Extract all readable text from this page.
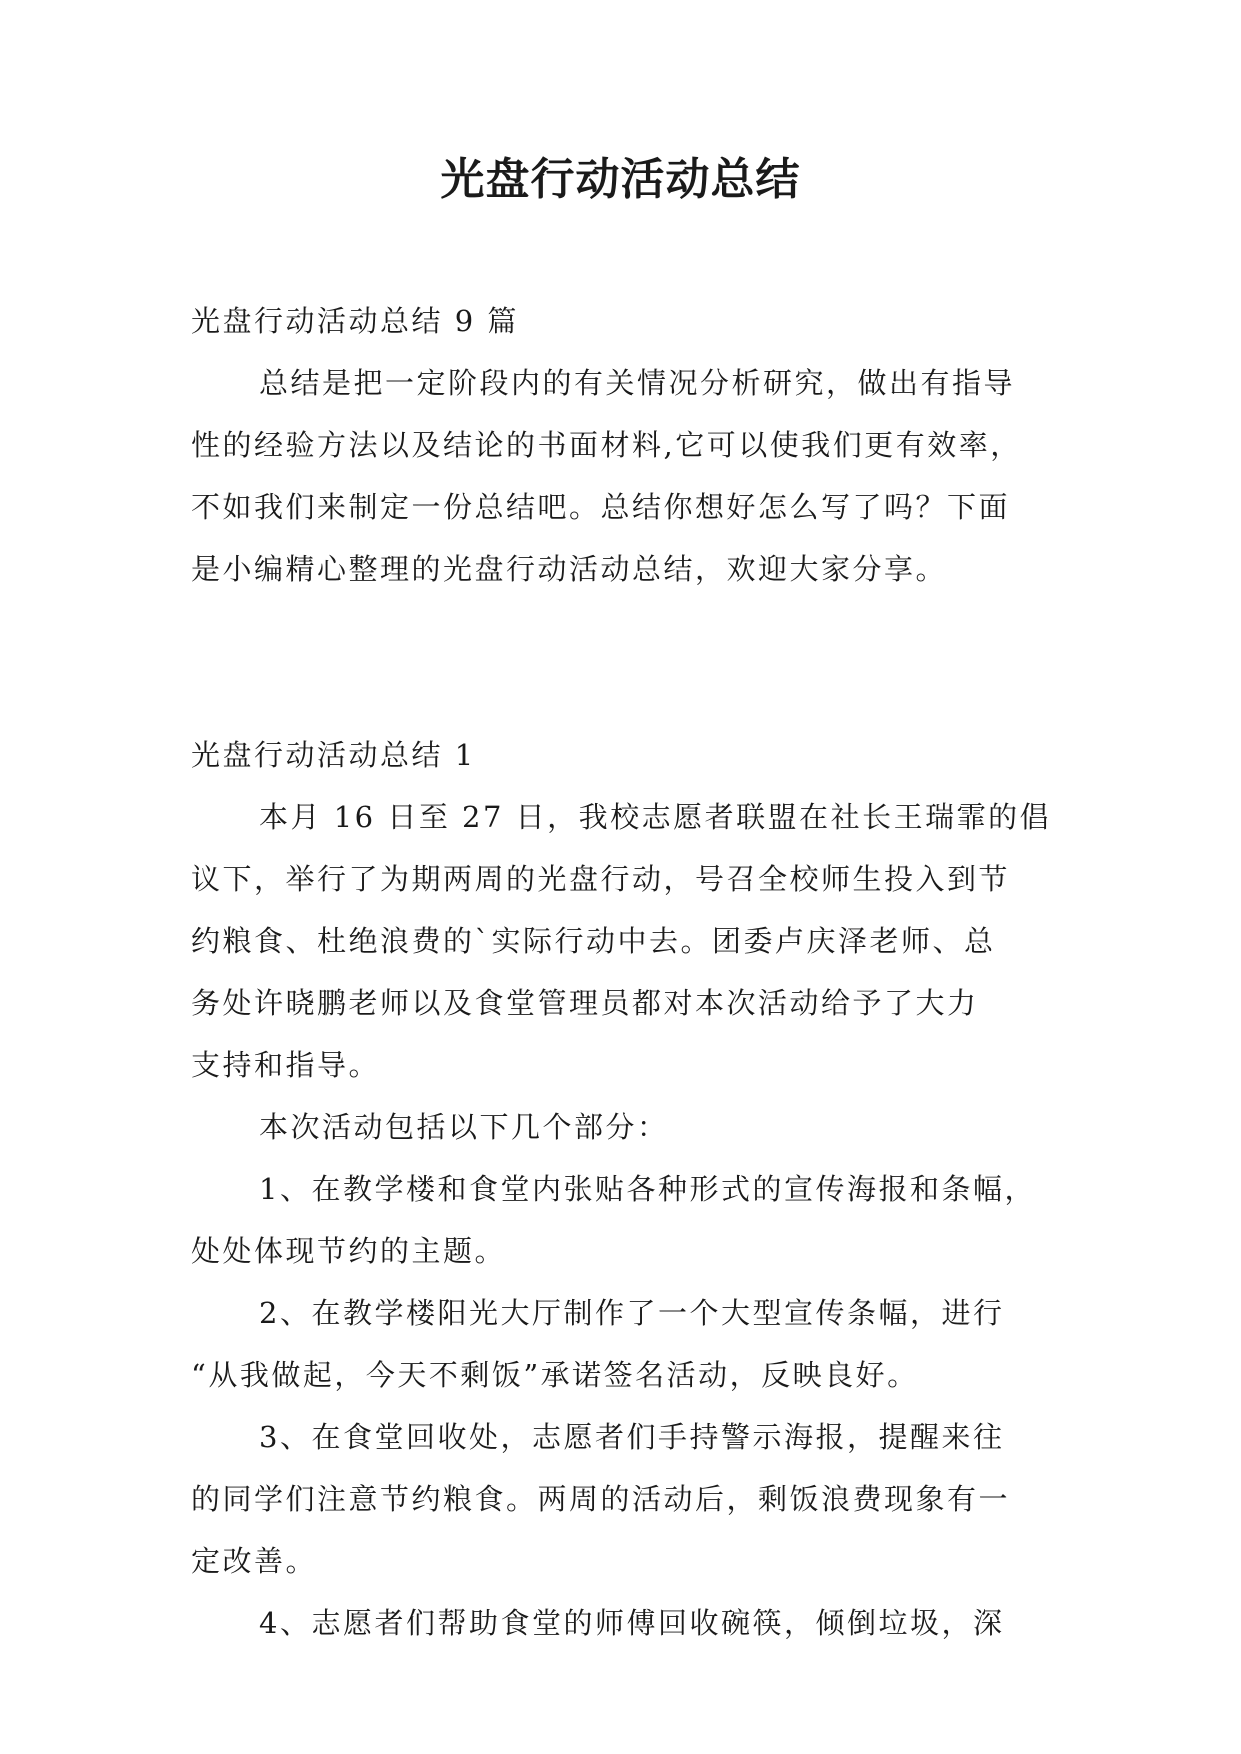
光盘行动活动总结
光盘行动活动总结 9 篇
总结是把一定阶段内的有关情况分析研究，做出有指导
性的经验方法以及结论的书面材料,它可以使我们更有效率，
不如我们来制定一份总结吧。总结你想好怎么写了吗？下面
是小编精心整理的光盘行动活动总结，欢迎大家分享。
光盘行动活动总结 1
本月 16 日至 27 日，我校志愿者联盟在社长王瑞霏的倡
议下，举行了为期两周的光盘行动，号召全校师生投入到节
约粮食、杜绝浪费的`实际行动中去。团委卢庆泽老师、总
务处许晓鹏老师以及食堂管理员都对本次活动给予了大力
支持和指导。
本次活动包括以下几个部分：
1、在教学楼和食堂内张贴各种形式的宣传海报和条幅，
处处体现节约的主题。
2、在教学楼阳光大厅制作了一个大型宣传条幅，进行
“从我做起，今天不剩饭”承诺签名活动，反映良好。
3、在食堂回收处，志愿者们手持警示海报，提醒来往
的同学们注意节约粮食。两周的活动后，剩饭浪费现象有一
定改善。
4、志愿者们帮助食堂的师傅回收碗筷，倾倒垃圾，深
